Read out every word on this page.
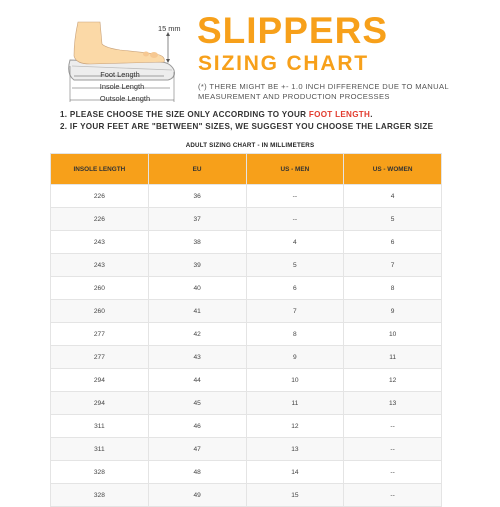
15 mm
Foot Length
Insole Length
Outsole Length
SLIPPERS
SIZING CHART
(*) THERE MIGHT BE +- 1.0 INCH DIFFERENCE DUE TO MANUAL MEASUREMENT AND PRODUCTION PROCESSES
1. PLEASE CHOOSE THE SIZE ONLY ACCORDING TO YOUR FOOT LENGTH.
2. IF YOUR FEET ARE "BETWEEN" SIZES, WE SUGGEST YOU CHOOSE THE LARGER SIZE
ADULT SIZING CHART - IN MILLIMETERS
INSOLE LENGTH	EU	US - MEN	US - WOMEN
226	36	--	4
226	37	--	5
243	38	4	6
243	39	5	7
260	40	6	8
260	41	7	9
277	42	8	10
277	43	9	11
294	44	10	12
294	45	11	13
311	46	12	--
311	47	13	--
328	48	14	--
328	49	15	--
